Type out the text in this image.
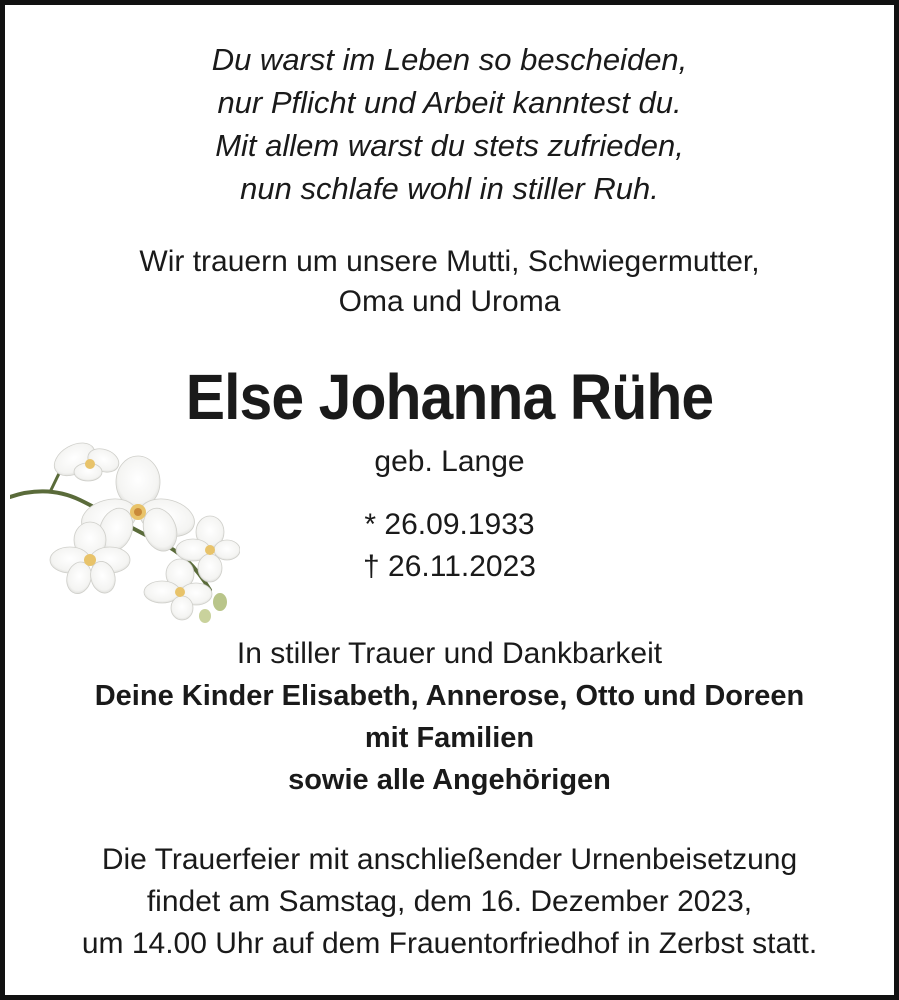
Du warst im Leben so bescheiden,

nur Pflicht und Arbeit kanntest du.

Mit allem warst du stets zufrieden,

nun schlafe wohl in stiller Ruh.

Wir trauern um unsere Mutti, Schwiegermutter,

Oma und Uroma

Else Johanna Rühe

geb. Lange

* 26.09.1933

† 26.11.2023

In stiller Trauer und Dankbarkeit

Deine Kinder Elisabeth, Annerose, Otto und Doreen

mit Familien

sowie alle Angehörigen

Die Trauerfeier mit anschließender Urnenbeisetzung

findet am Samstag, dem 16. Dezember 2023,

um 14.00 Uhr auf dem Frauentorfriedhof in Zerbst statt.
